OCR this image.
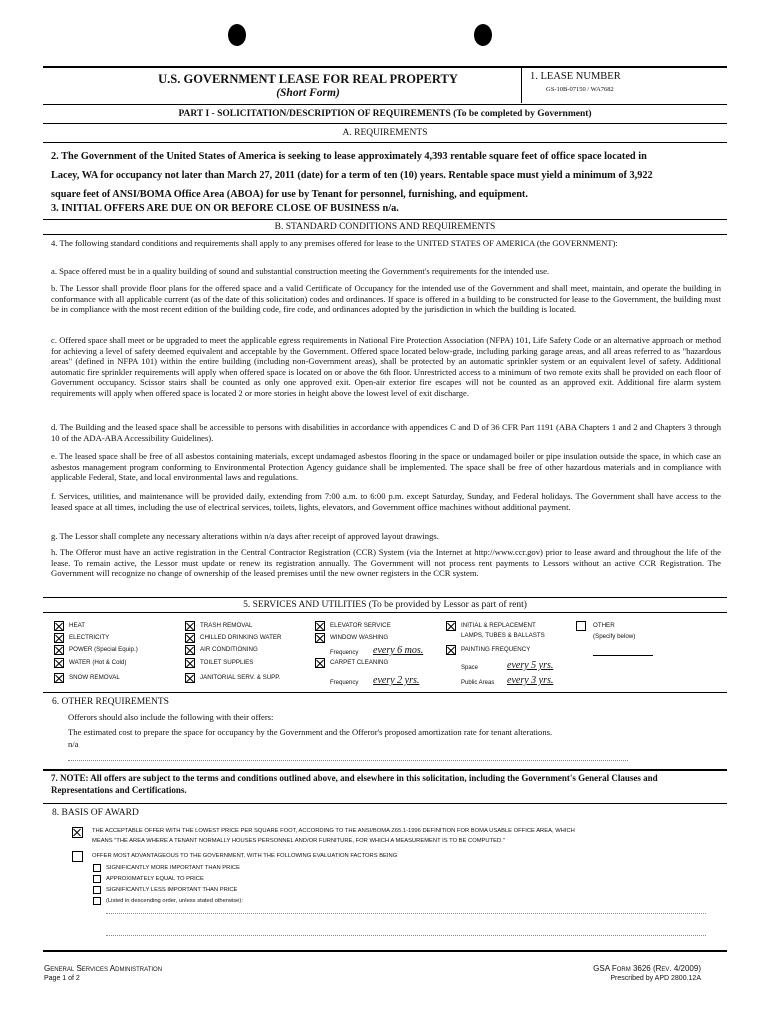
U.S. GOVERNMENT LEASE FOR REAL PROPERTY
(Short Form)
1. LEASE NUMBER
GS-10B-07150 / WA7682
PART I - SOLICITATION/DESCRIPTION OF REQUIREMENTS (To be completed by Government)
A. REQUIREMENTS
2. The Government of the United States of America is seeking to lease approximately 4,393 rentable square feet of office space located in
Lacey, WA for occupancy not later than March 27, 2011 (date) for a term of ten (10) years. Rentable space must yield a minimum of 3,922
square feet of ANSI/BOMA Office Area (ABOA) for use by Tenant for personnel, furnishing, and equipment.
3. INITIAL OFFERS ARE DUE ON OR BEFORE CLOSE OF BUSINESS n/a.
B. STANDARD CONDITIONS AND REQUIREMENTS
4. The following standard conditions and requirements shall apply to any premises offered for lease to the UNITED STATES OF AMERICA (the GOVERNMENT):
a. Space offered must be in a quality building of sound and substantial construction meeting the Government's requirements for the intended use.
b. The Lessor shall provide floor plans for the offered space and a valid Certificate of Occupancy for the intended use of the Government and shall meet, maintain, and operate the building in conformance with all applicable current (as of the date of this solicitation) codes and ordinances. If space is offered in a building to be constructed for lease to the Government, the building must be in compliance with the most recent edition of the building code, fire code, and ordinances adopted by the jurisdiction in which the building is located.
c. Offered space shall meet or be upgraded to meet the applicable egress requirements in National Fire Protection Association (NFPA) 101, Life Safety Code or an alternative approach or method for achieving a level of safety deemed equivalent and acceptable by the Government. Offered space located below-grade, including parking garage areas, and all areas referred to as "hazardous areas" (defined in NFPA 101) within the entire building (including non-Government areas), shall be protected by an automatic sprinkler system or an equivalent level of safety. Additional automatic fire sprinkler requirements will apply when offered space is located on or above the 6th floor. Unrestricted access to a minimum of two remote exits shall be provided on each floor of Government occupancy. Scissor stairs shall be counted as only one approved exit. Open-air exterior fire escapes will not be counted as an approved exit. Additional fire alarm system requirements will apply when offered space is located 2 or more stories in height above the lowest level of exit discharge.
d. The Building and the leased space shall be accessible to persons with disabilities in accordance with appendices C and D of 36 CFR Part 1191 (ABA Chapters 1 and 2 and Chapters 3 through 10 of the ADA-ABA Accessibility Guidelines).
e. The leased space shall be free of all asbestos containing materials, except undamaged asbestos flooring in the space or undamaged boiler or pipe insulation outside the space, in which case an asbestos management program conforming to Environmental Protection Agency guidance shall be implemented. The space shall be free of other hazardous materials and in compliance with applicable Federal, State, and local environmental laws and regulations.
f. Services, utilities, and maintenance will be provided daily, extending from 7:00 a.m. to 6:00 p.m. except Saturday, Sunday, and Federal holidays. The Government shall have access to the leased space at all times, including the use of electrical services, toilets, lights, elevators, and Government office machines without additional payment.
g. The Lessor shall complete any necessary alterations within n/a days after receipt of approved layout drawings.
h. The Offeror must have an active registration in the Central Contractor Registration (CCR) System (via the Internet at http://www.ccr.gov) prior to lease award and throughout the life of the lease. To remain active, the Lessor must update or renew its registration annually. The Government will not process rent payments to Lessors without an active CCR Registration. The Government will recognize no change of ownership of the leased premises until the new owner registers in the CCR system.
5. SERVICES AND UTILITIES (To be provided by Lessor as part of rent)
HEAT
ELECTRICITY
POWER (Special Equip.)
WATER (Hot & Cold)
SNOW REMOVAL
TRASH REMOVAL
CHILLED DRINKING WATER
AIR CONDITIONING
TOILET SUPPLIES
JANITORIAL SERV. & SUPP.
ELEVATOR SERVICE
WINDOW WASHING
Frequency every 6 mos.
CARPET CLEANING
Frequency every 2 yrs.
INITIAL & REPLACEMENT
LAMPS, TUBES & BALLASTS
PAINTING FREQUENCY
Space	every 5 yrs.
Public Areas every 3 yrs.
OTHER
(Specify below)
6. OTHER REQUIREMENTS
Offerors should also include the following with their offers:
The estimated cost to prepare the space for occupancy by the Government and the Offeror's proposed amortization rate for tenant alterations.
n/a
7. NOTE: All offers are subject to the terms and conditions outlined above, and elsewhere in this solicitation, including the Government's General Clauses and Representations and Certifications.
8. BASIS OF AWARD
THE ACCEPTABLE OFFER WITH THE LOWEST PRICE PER SQUARE FOOT, ACCORDING TO THE ANSI/BOMA Z65.1-1996 DEFINITION FOR BOMA USABLE OFFICE AREA, WHICH
MEANS "THE AREA WHERE A TENANT NORMALLY HOUSES PERSONNEL AND/OR FURNITURE, FOR WHICH A MEASUREMENT IS TO BE COMPUTED."
OFFER MOST ADVANTAGEOUS TO THE GOVERNMENT, WITH THE FOLLOWING EVALUATION FACTORS BEING
SIGNIFICANTLY MORE IMPORTANT THAN PRICE
APPROXIMATELY EQUAL TO PRICE
SIGNIFICANTLY LESS IMPORTANT THAN PRICE
(Listed in descending order, unless stated otherwise):
General Services Administration
Page 1 of 2
GSA Form 3626 (Rev. 4/2009)
Prescribed by APD 2800.12A
